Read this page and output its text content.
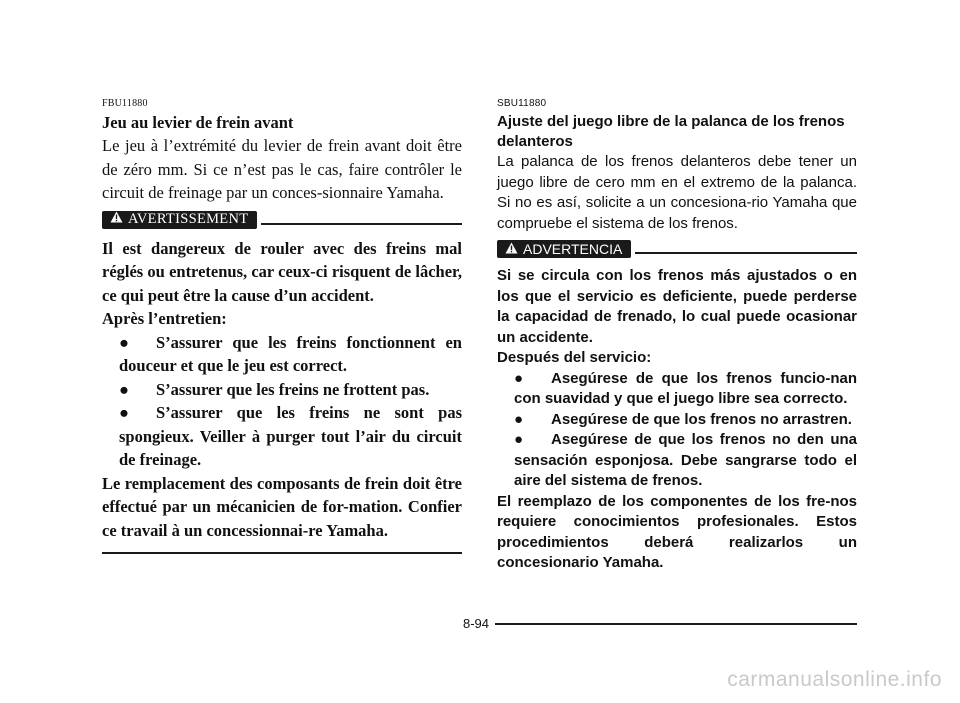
FBU11880
Jeu au levier de frein avant
Le jeu à l’extrémité du levier de frein avant doit être de zéro mm. Si ce n’est pas le cas, faire contrôler le circuit de freinage par un conces-sionnaire Yamaha.
AVERTISSEMENT
Il est dangereux de rouler avec des freins mal réglés ou entretenus, car ceux-ci risquent de lâcher, ce qui peut être la cause d’un accident.
Après l’entretien:
● S’assurer que les freins fonctionnent en douceur et que le jeu est correct.
● S’assurer que les freins ne frottent pas.
● S’assurer que les freins ne sont pas spongieux. Veiller à purger tout l’air du circuit de freinage.
Le remplacement des composants de frein doit être effectué par un mécanicien de for-mation. Confier ce travail à un concessionnai-re Yamaha.
SBU11880
Ajuste del juego libre de la palanca de los frenos delanteros
La palanca de los frenos delanteros debe tener un juego libre de cero mm en el extremo de la palanca. Si no es así, solicite a un concesiona-rio Yamaha que compruebe el sistema de los frenos.
ADVERTENCIA
Si se circula con los frenos más ajustados o en los que el servicio es deficiente, puede perderse la capacidad de frenado, lo cual puede ocasionar un accidente.
Después del servicio:
● Asegúrese de que los frenos funcio-nan con suavidad y que el juego libre sea correcto.
● Asegúrese de que los frenos no arrastren.
● Asegúrese de que los frenos no den una sensación esponjosa. Debe sangrarse todo el aire del sistema de frenos.
El reemplazo de los componentes de los fre-nos requiere conocimientos profesionales. Estos procedimientos deberá realizarlos un concesionario Yamaha.
8-94
carmanualsonline.info
